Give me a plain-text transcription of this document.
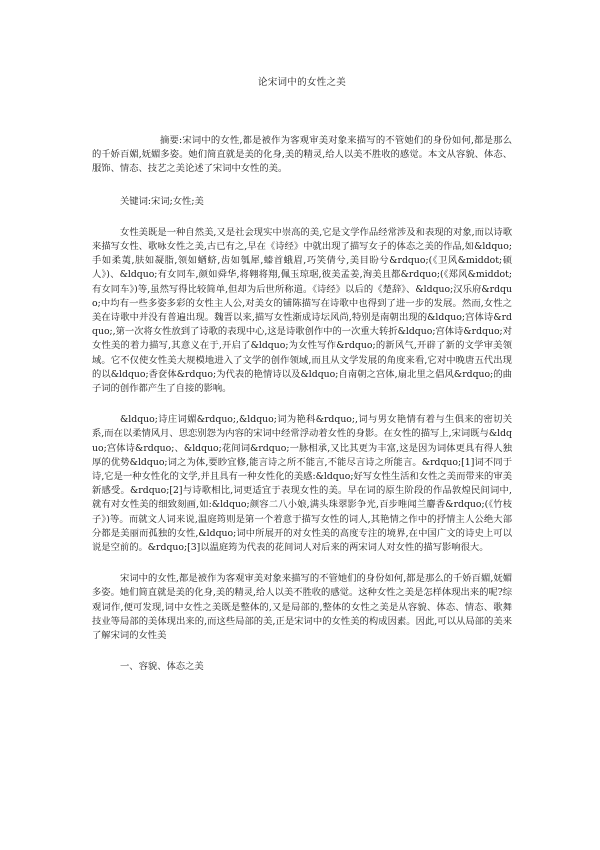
论宋词中的女性之美

摘要:宋词中的女性,都是被作为客观审美对象来描写的不管她们的身份如何,都是那么的千娇百媚,妩媚多姿。她们简直就是美的化身,美的精灵,给人以美不胜收的感觉。本文从容貌、体态、服饰、情态、技艺之美论述了宋词中女性的美。

关键词:宋词;女性;美

女性美既是一种自然美,又是社会现实中崇高的美,它是文学作品经常涉及和表现的对象,而以诗歌来描写女性、歌咏女性之美,古已有之,早在《诗经》中就出现了描写女子的体态之美的作品,如&ldquo;手如柔荑,肤如凝脂,领如蝤蛴,齿如瓠犀,螓首蛾眉,巧笑倩兮,美目盼兮&rdquo;(《卫风&middot;硕人》)、&ldquo;有女同车,颜如舜华,将翱将翔,佩玉琼琚,彼美孟姜,洵美且都&rdquo;(《郑风&middot;有女同车》)等,虽然写得比较简单,但却为后世所称道。《诗经》以后的《楚辞》、&ldquo;汉乐府&rdquo;中均有一些多姿多彩的女性主人公,对美女的铺陈描写在诗歌中也得到了进一步的发展。然而,女性之美在诗歌中并没有普遍出现。魏晋以来,描写女性渐成诗坛风尚,特别是南朝出现的&ldquo;宫体诗&rdquo;,第一次将女性放到了诗歌的表现中心,这是诗歌创作中的一次重大转折&ldquo;宫体诗&rdquo;对女性美的着力描写,其意义在于,开启了&ldquo;为女性写作&rdquo;的新风气,开辟了新的文学审美领域。它不仅使女性美大规模地进入了文学的创作领域,而且从文学发展的角度来看,它对中晚唐五代出现的以&ldquo;香奁体&rdquo;为代表的艳情诗以及&ldquo;自南朝之宫体,扇北里之倡风&rdquo;的曲子词的创作都产生了自接的影响。

&ldquo;诗庄词媚&rdquo;,&ldquo;词为艳科&rdquo;,词与男女艳情有着与生俱来的密切关系,而在以柔情风月、思恋别怨为内容的宋词中经常浮动着女性的身影。在女性的描写上,宋词既与&ldquo;宫体诗&rdquo;、&ldquo;花间词&rdquo;一脉相承,又比其更为丰富,这是因为词体更具有得人独厚的优势&ldquo;词之为体,要眇宜修,能言诗之所不能言,不能尽言诗之所能言。&rdquo;[1]词不同于诗,它是一种女性化的文学,并且具有一种女性化的美感:&ldquo;好写女性生活和女性之美而带来的审美新感受。&rdquo;[2]与诗歌相比,词更适宜于表现女性的美。早在词的原生阶段的作品敦煌民间词中,就有对女性美的细致刻画,如:&ldquo;颜容二八小娘,满头珠翠影争光,百步唯闻兰麝香&rdquo;(《竹枝子》)等。而就文人词来说,温庭筠则是第一个着意于描写女性的词人,其艳情之作中的抒情主人公绝大部分都是美丽而孤独的女性,&ldquo;词中所展开的对女性美的高度专注的境界,在中国广文的诗史上可以说是空前的。&rdquo;[3]以温庭筠为代表的花间词人对后来的两宋词人对女性的描写影响很大。

宋词中的女性,都是被作为客观审美对象来描写的不管她们的身份如何,都是那么的千娇百媚,妩媚多姿。她们简直就是美的化身,美的精灵,给人以美不胜收的感觉。这种女性之美是怎样体现出来的呢?综观词作,便可发现,词中女性之美既是整体的,又是局部的,整体的女性之美是从容貌、体态、情态、歌舞技业等局部的美体现出来的,而这些局部的美,正是宋词中的女性美的构成因素。因此,可以从局部的美来了解宋词的女性美

一、容貌、体态之美
